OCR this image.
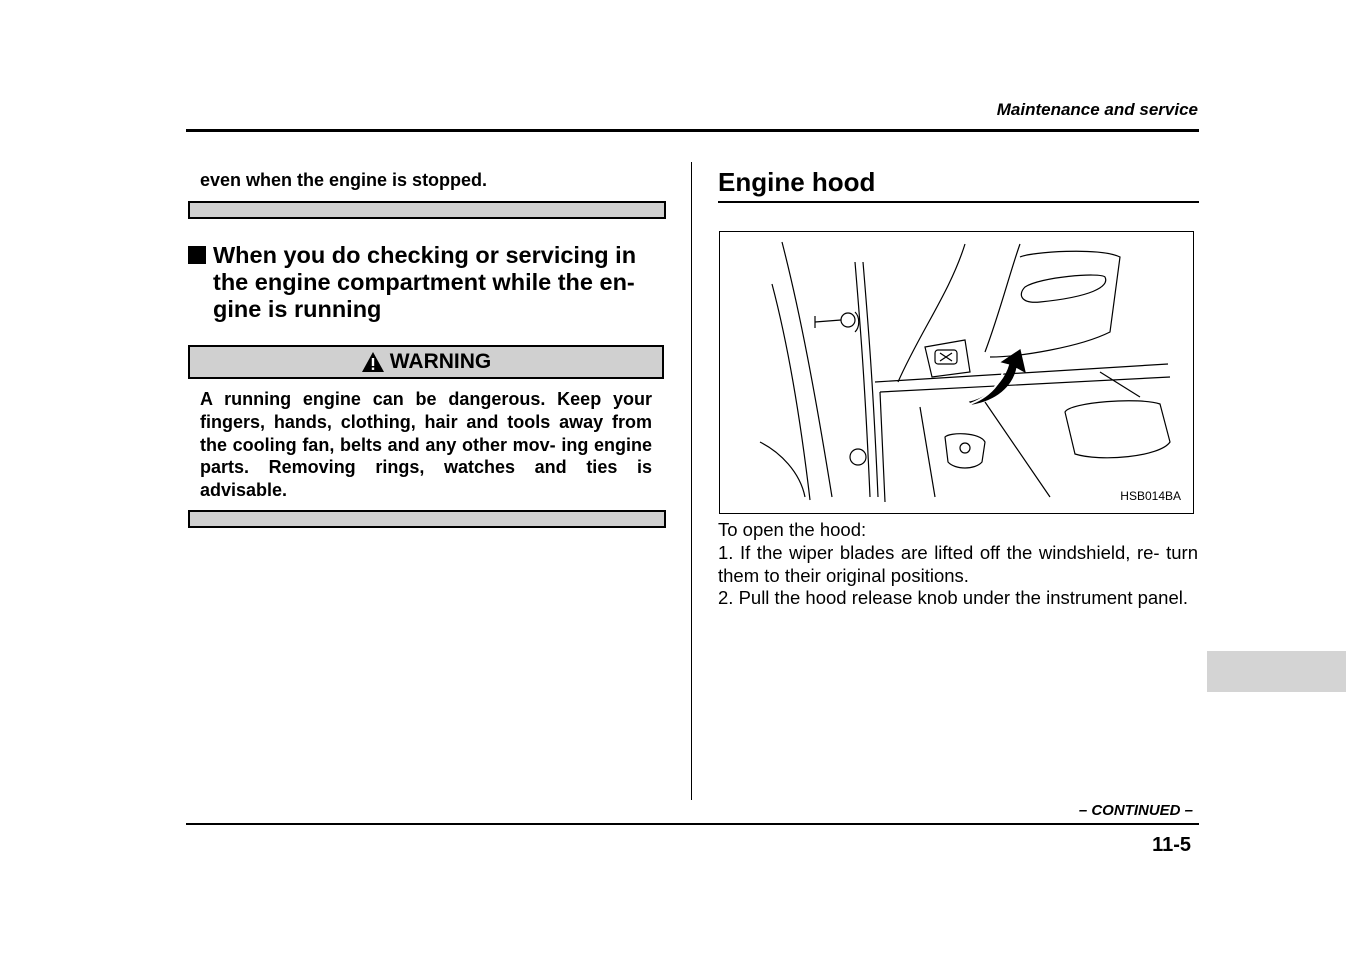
Maintenance and service
even when the engine is stopped.
When you do checking or servicing in the engine compartment while the en- gine is running
WARNING
A running engine can be dangerous. Keep your fingers, hands, clothing, hair and tools away from the cooling fan, belts and any other mov- ing engine parts. Removing rings, watches and ties is advisable.
Engine hood
HSB014BA

To open the hood:

1. If the wiper blades are lifted off the windshield, re- turn them to their original positions.

2. Pull the hood release knob under the instrument panel.

– CONTINUED –
11-5
